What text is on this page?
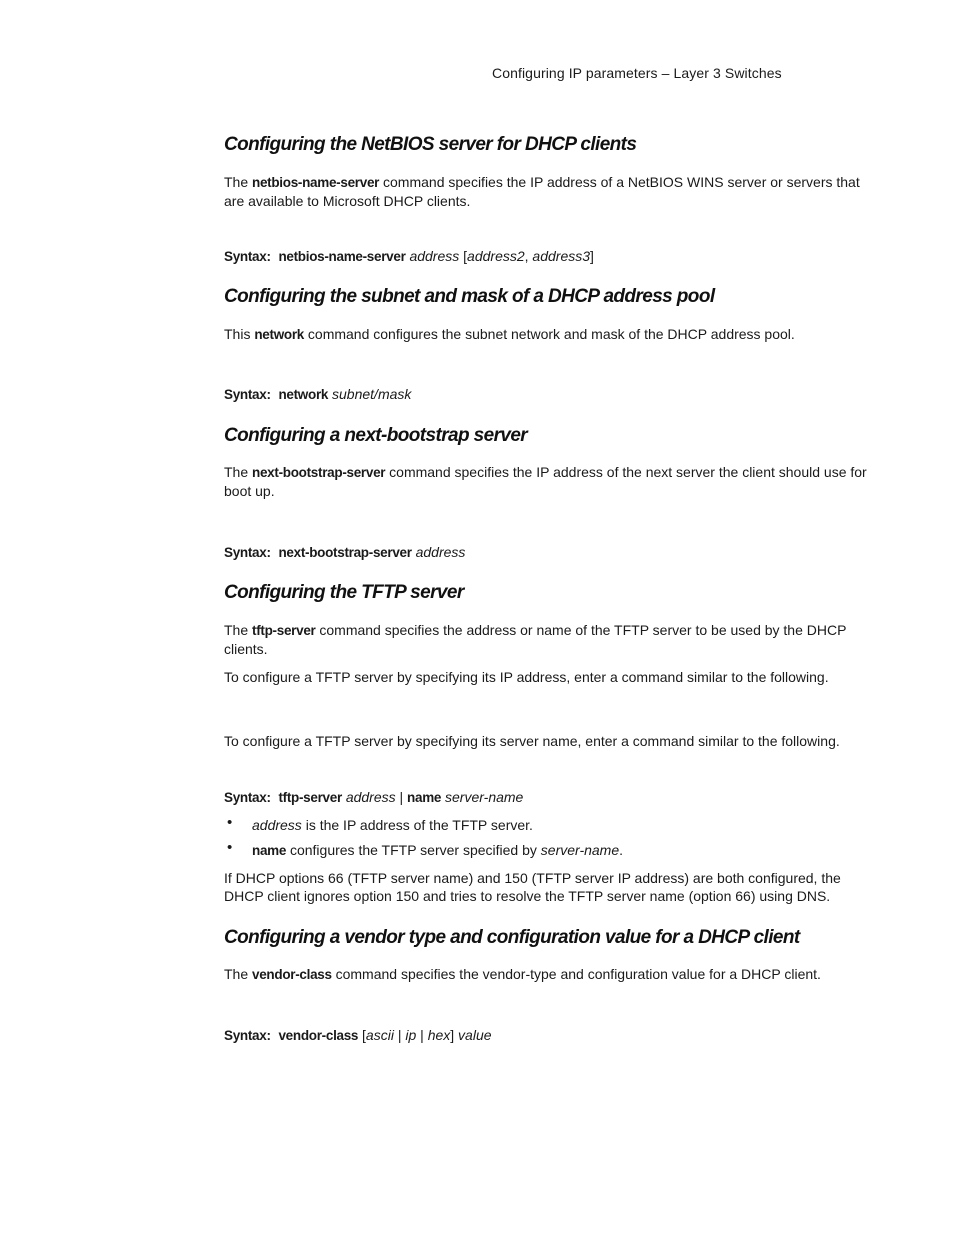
Configuring IP parameters – Layer 3 Switches
Configuring the NetBIOS server for DHCP clients
The netbios-name-server command specifies the IP address of a NetBIOS WINS server or servers that are available to Microsoft DHCP clients.
Syntax: netbios-name-server address [address2, address3]
Configuring the subnet and mask of a DHCP address pool
This network command configures the subnet network and mask of the DHCP address pool.
Syntax: network subnet/mask
Configuring a next-bootstrap server
The next-bootstrap-server command specifies the IP address of the next server the client should use for boot up.
Syntax: next-bootstrap-server address
Configuring the TFTP server
The tftp-server command specifies the address or name of the TFTP server to be used by the DHCP clients.
To configure a TFTP server by specifying its IP address, enter a command similar to the following.
To configure a TFTP server by specifying its server name, enter a command similar to the following.
Syntax: tftp-server address | name server-name
• address is the IP address of the TFTP server.
• name configures the TFTP server specified by server-name.
If DHCP options 66 (TFTP server name) and 150 (TFTP server IP address) are both configured, the DHCP client ignores option 150 and tries to resolve the TFTP server name (option 66) using DNS.
Configuring a vendor type and configuration value for a DHCP client
The vendor-class command specifies the vendor-type and configuration value for a DHCP client.
Syntax: vendor-class [ascii | ip | hex] value
